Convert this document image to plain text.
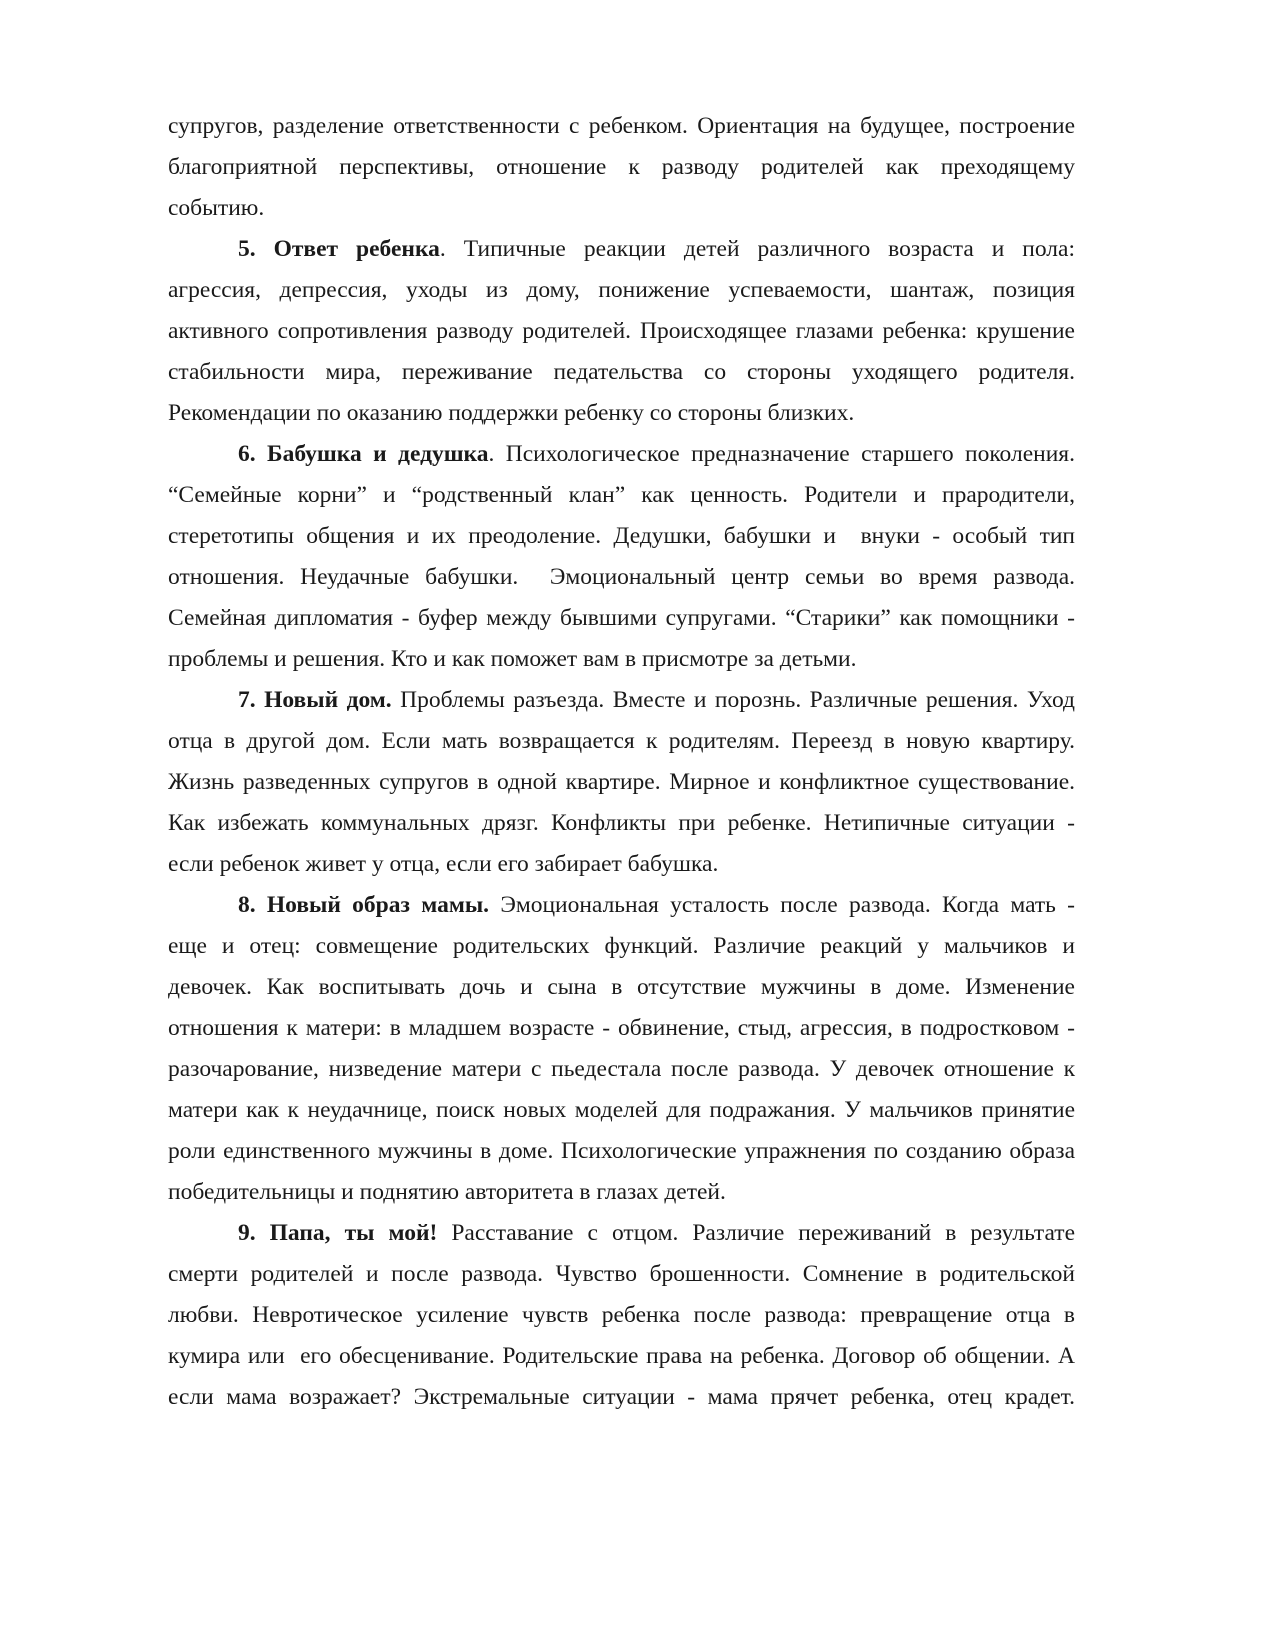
супругов, разделение ответственности с ребенком. Ориентация на будущее, построение
благоприятной перспективы, отношение к разводу родителей как преходящему
событию.
5. Ответ ребенка. Типичные реакции детей различного возраста и пола:
агрессия, депрессия, уходы из дому, понижение успеваемости, шантаж, позиция
активного сопротивления разводу родителей. Происходящее глазами ребенка: крушение
стабильности мира, переживание педательства со стороны уходящего родителя.
Рекомендации по оказанию поддержки ребенку со стороны близких.
6. Бабушка и дедушка. Психологическое предназначение старшего поколения.
“Семейные корни” и “родственный клан” как ценность. Родители и прародители,
стеретотипы общения и их преодоление. Дедушки, бабушки и  внуки - особый тип
отношения. Неудачные бабушки.  Эмоциональный центр семьи во время развода.
Семейная дипломатия - буфер между бывшими супругами. “Старики” как помощники -
проблемы и решения. Кто и как поможет вам в присмотре за детьми.
7. Новый дом. Проблемы разъезда. Вместе и порознь. Различные решения. Уход
отца в другой дом. Если мать возвращается к родителям. Переезд в новую квартиру.
Жизнь разведенных супругов в одной квартире. Мирное и конфликтное существование.
Как избежать коммунальных дрязг. Конфликты при ребенке. Нетипичные ситуации -
если ребенок живет у отца, если его забирает бабушка.
8. Новый образ мамы. Эмоциональная усталость после развода. Когда мать -
еще и отец: совмещение родительских функций. Различие реакций у мальчиков и
девочек. Как воспитывать дочь и сына в отсутствие мужчины в доме. Изменение
отношения к матери: в младшем возрасте - обвинение, стыд, агрессия, в подростковом -
разочарование, низведение матери с пьедестала после развода. У девочек отношение к
матери как к неудачнице, поиск новых моделей для подражания. У мальчиков принятие
роли единственного мужчины в доме. Психологические упражнения по созданию образа
победительницы и поднятию авторитета в глазах детей.
9. Папа, ты мой! Расставание с отцом. Различие переживаний в результате
смерти родителей и после развода. Чувство брошенности. Сомнение в родительской
любви. Невротическое усиление чувств ребенка после развода: превращение отца в
кумира или  его обесценивание. Родительские права на ребенка. Договор об общении. А
если мама возражает? Экстремальные ситуации - мама прячет ребенка, отец крадет.
